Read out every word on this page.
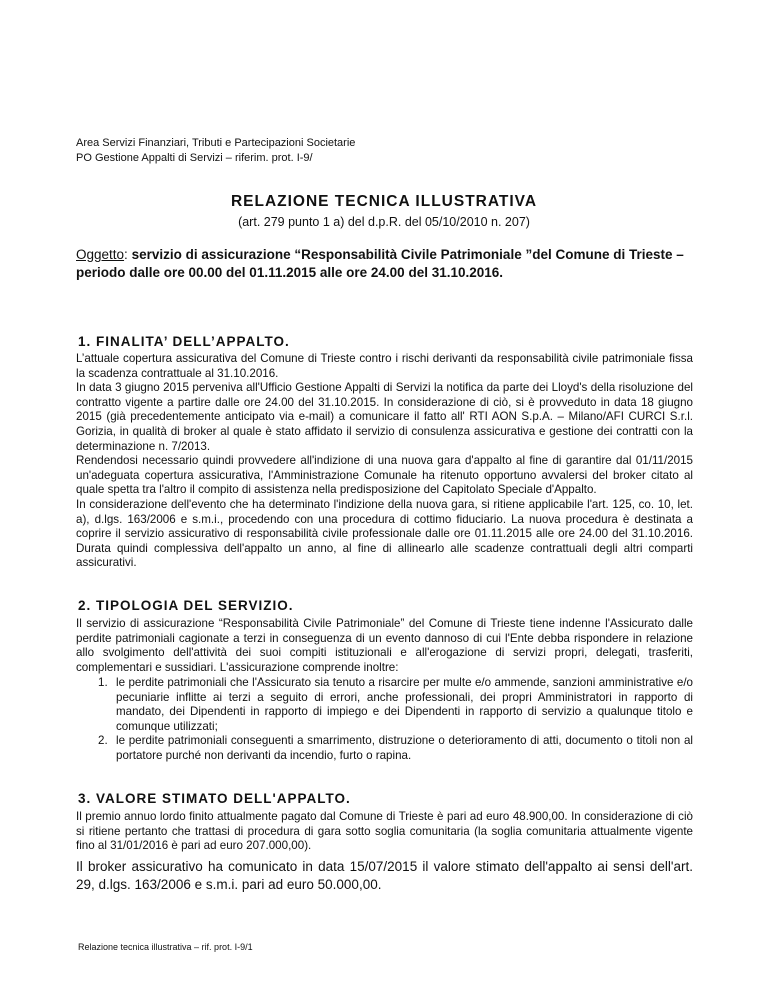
Area Servizi Finanziari, Tributi e Partecipazioni Societarie
PO Gestione Appalti di Servizi – riferim. prot. I-9/
RELAZIONE TECNICA ILLUSTRATIVA
(art. 279 punto 1 a) del d.p.R. del 05/10/2010 n. 207)
Oggetto: servizio di assicurazione “Responsabilità Civile Patrimoniale ”del Comune di Trieste – periodo dalle ore 00.00 del 01.11.2015 alle ore 24.00 del 31.10.2016.
1. FINALITA’ DELL’APPALTO.
L’attuale copertura assicurativa del Comune di Trieste contro i rischi derivanti da responsabilità civile patrimoniale fissa la scadenza contrattuale al 31.10.2016.
In data 3 giugno 2015 perveniva all'Ufficio Gestione Appalti di Servizi la notifica da parte dei Lloyd's della risoluzione del contratto vigente a partire dalle ore 24.00 del 31.10.2015. In considerazione di ciò, si è provveduto in data 18 giugno 2015 (già precedentemente anticipato via e-mail) a comunicare il fatto all' RTI AON S.p.A. – Milano/AFI CURCI S.r.l. Gorizia, in qualità di broker al quale è stato affidato il servizio di consulenza assicurativa e gestione dei contratti con la determinazione n. 7/2013.
Rendendosi necessario quindi provvedere all'indizione di una nuova gara d'appalto al fine di garantire dal 01/11/2015 un'adeguata copertura assicurativa, l'Amministrazione Comunale ha ritenuto opportuno avvalersi del broker citato al quale spetta tra l'altro il compito di assistenza nella predisposizione del Capitolato Speciale d'Appalto.
In considerazione dell'evento che ha determinato l'indizione della nuova gara, si ritiene applicabile l'art. 125, co. 10, let. a), d.lgs. 163/2006 e s.m.i., procedendo con una procedura di cottimo fiduciario. La nuova procedura è destinata a coprire il servizio assicurativo di responsabilità civile professionale dalle ore 01.11.2015 alle ore 24.00 del 31.10.2016. Durata quindi complessiva dell'appalto un anno, al fine di allinearlo alle scadenze contrattuali degli altri comparti assicurativi.
2. TIPOLOGIA DEL SERVIZIO.
Il servizio di assicurazione “Responsabilità Civile Patrimoniale” del Comune di Trieste tiene indenne l'Assicurato dalle perdite patrimoniali cagionate a terzi in conseguenza di un evento dannoso di cui l'Ente debba rispondere in relazione allo svolgimento dell'attività dei suoi compiti istituzionali e all'erogazione di servizi propri, delegati, trasferiti, complementari e sussidiari. L'assicurazione comprende inoltre:
1. le perdite patrimoniali che l'Assicurato sia tenuto a risarcire per multe e/o ammende, sanzioni amministrative e/o pecuniarie inflitte ai terzi a seguito di errori, anche professionali, dei propri Amministratori in rapporto di mandato, dei Dipendenti in rapporto di impiego e dei Dipendenti in rapporto di servizio a qualunque titolo e comunque utilizzati;
2. le perdite patrimoniali conseguenti a smarrimento, distruzione o deterioramento di atti, documento o titoli non al portatore purché non derivanti da incendio, furto o rapina.
3. VALORE STIMATO DELL'APPALTO.
Il premio annuo lordo finito attualmente pagato dal Comune di Trieste è pari ad euro 48.900,00. In considerazione di ciò si ritiene pertanto che trattasi di procedura di gara sotto soglia comunitaria (la soglia comunitaria attualmente vigente fino al 31/01/2016 è pari ad euro 207.000,00).
Il broker assicurativo ha comunicato in data 15/07/2015 il valore stimato dell'appalto ai sensi dell'art. 29, d.lgs. 163/2006 e s.m.i. pari ad euro 50.000,00.
Relazione tecnica illustrativa – rif. prot. I-9/1
